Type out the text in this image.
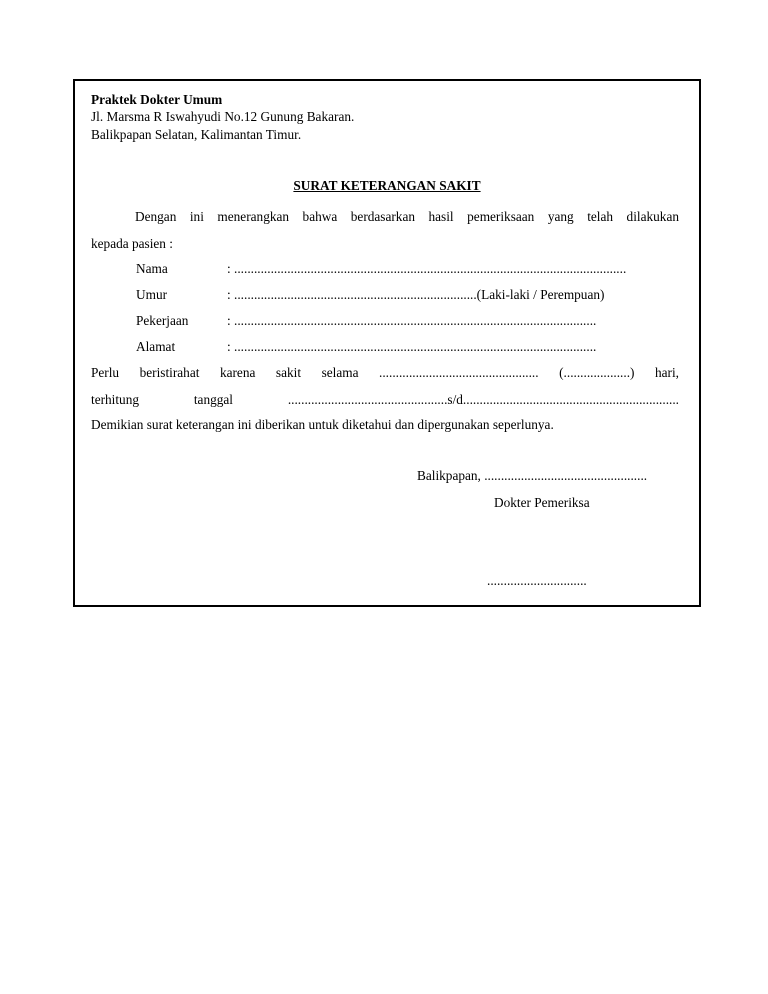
Praktek Dokter Umum
Jl. Marsma R Iswahyudi No.12 Gunung Bakaran.
Balikpapan Selatan, Kalimantan Timur.
SURAT KETERANGAN SAKIT
Dengan ini menerangkan bahwa berdasarkan hasil pemeriksaan yang telah dilakukan
kepada pasien :
Nama	: ......................................................................................................................
Umur	: .........................................................................(Laki-laki / Perempuan)
Pekerjaan	: .............................................................................................................
Alamat	: .............................................................................................................
Perlu beristirahat karena sakit selama ................................................ (....................) hari,
terhitung tanggal ................................................s/d.................................................................
Demikian surat keterangan ini diberikan untuk diketahui dan dipergunakan seperlunya.
Balikpapan, .................................................
Dokter Pemeriksa
..............................
